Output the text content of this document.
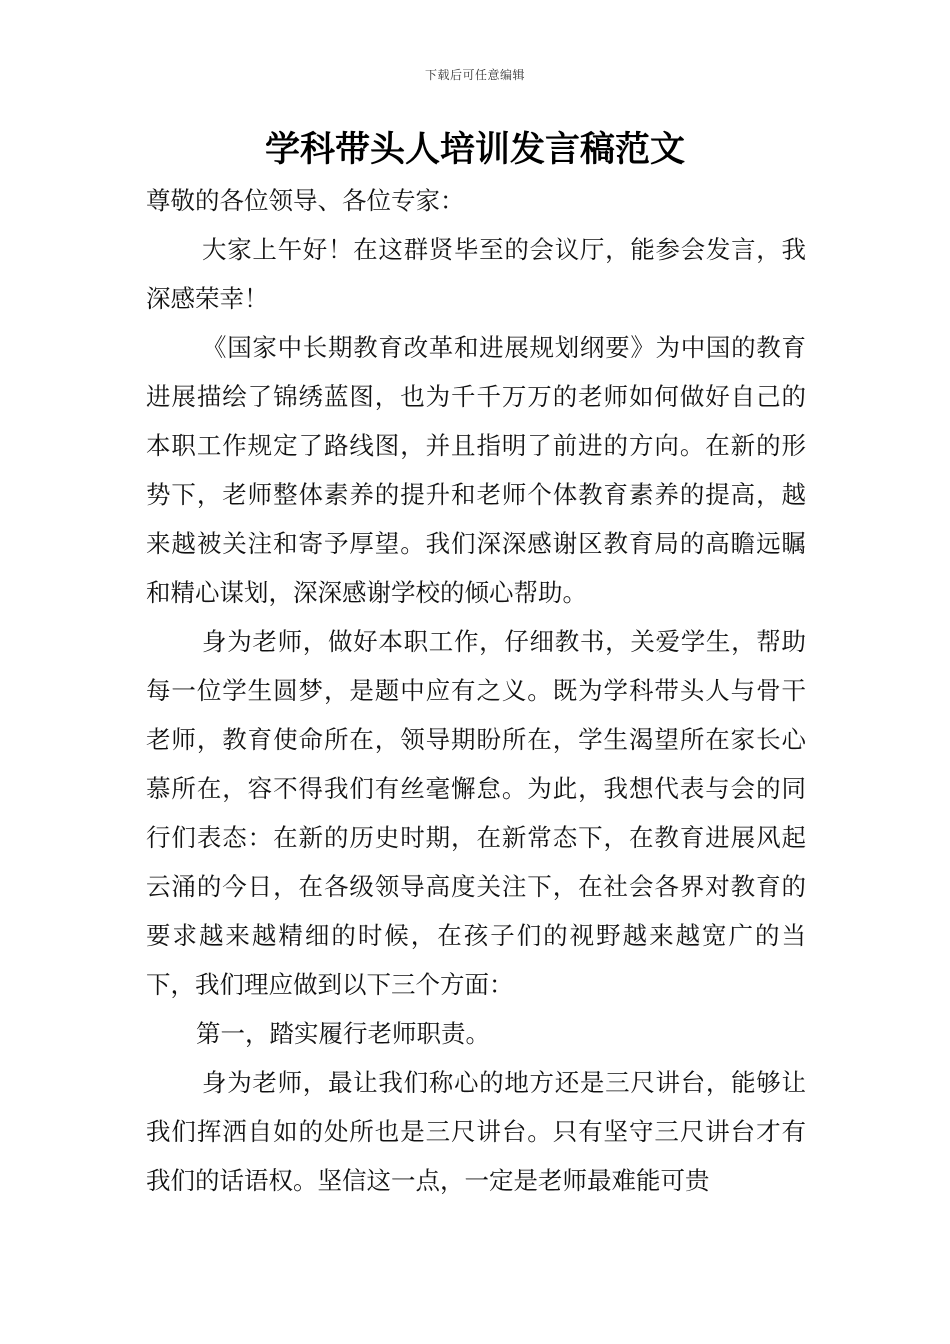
下载后可任意编辑
学科带头人培训发言稿范文

尊敬的各位领导、各位专家：

大家上午好！在这群贤毕至的会议厅，能参会发言，我深感荣幸！

《国家中长期教育改革和进展规划纲要》为中国的教育进展描绘了锦绣蓝图，也为千千万万的老师如何做好自己的本职工作规定了路线图，并且指明了前进的方向。在新的形势下，老师整体素养的提升和老师个体教育素养的提高，越来越被关注和寄予厚望。我们深深感谢区教育局的高瞻远瞩和精心谋划，深深感谢学校的倾心帮助。

身为老师，做好本职工作，仔细教书，关爱学生，帮助每一位学生圆梦，是题中应有之义。既为学科带头人与骨干老师，教育使命所在，领导期盼所在，学生渴望所在家长心慕所在，容不得我们有丝毫懈怠。为此，我想代表与会的同行们表态：在新的历史时期，在新常态下，在教育进展风起云涌的今日，在各级领导高度关注下，在社会各界对教育的要求越来越精细的时候，在孩子们的视野越来越宽广的当下，我们理应做到以下三个方面：

第一，踏实履行老师职责。

身为老师，最让我们称心的地方还是三尺讲台，能够让我们挥洒自如的处所也是三尺讲台。只有坚守三尺讲台才有我们的话语权。坚信这一点，一定是老师最难能可贵
